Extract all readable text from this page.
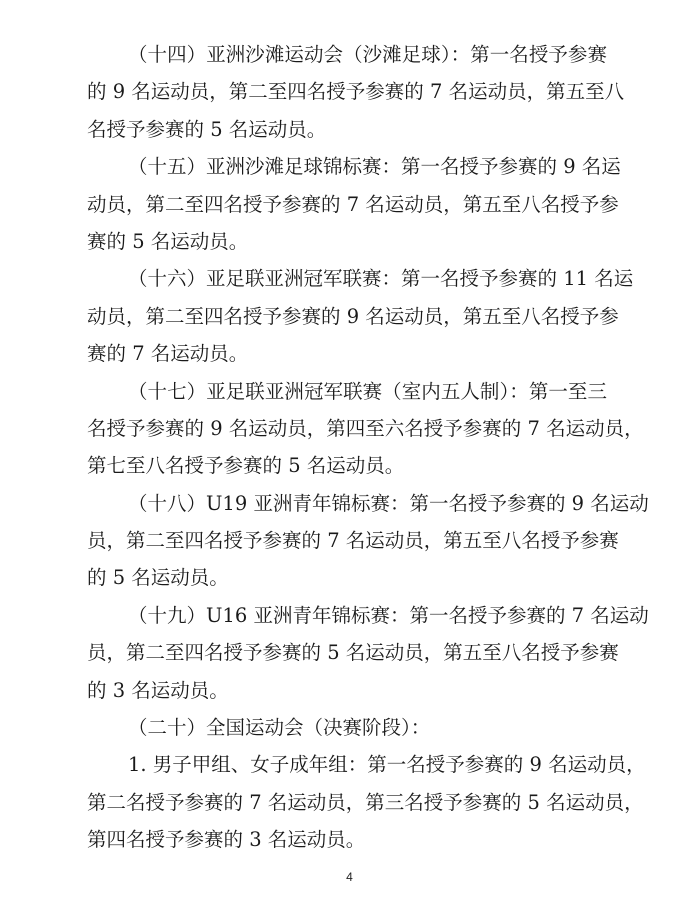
（十四）亚洲沙滩运动会（沙滩足球）：第一名授予参赛
的 9 名运动员，第二至四名授予参赛的 7 名运动员，第五至八
名授予参赛的 5 名运动员。
（十五）亚洲沙滩足球锦标赛：第一名授予参赛的 9 名运
动员，第二至四名授予参赛的 7 名运动员，第五至八名授予参
赛的 5 名运动员。
（十六）亚足联亚洲冠军联赛：第一名授予参赛的 11 名运
动员，第二至四名授予参赛的 9 名运动员，第五至八名授予参
赛的 7 名运动员。
（十七）亚足联亚洲冠军联赛（室内五人制）：第一至三
名授予参赛的 9 名运动员，第四至六名授予参赛的 7 名运动员，
第七至八名授予参赛的 5 名运动员。
（十八）U19 亚洲青年锦标赛：第一名授予参赛的 9 名运动
员，第二至四名授予参赛的 7 名运动员，第五至八名授予参赛
的 5 名运动员。
（十九）U16 亚洲青年锦标赛：第一名授予参赛的 7 名运动
员，第二至四名授予参赛的 5 名运动员，第五至八名授予参赛
的 3 名运动员。
（二十）全国运动会（决赛阶段）：
1. 男子甲组、女子成年组：第一名授予参赛的 9 名运动员，
第二名授予参赛的 7 名运动员，第三名授予参赛的 5 名运动员，
第四名授予参赛的 3 名运动员。
4
